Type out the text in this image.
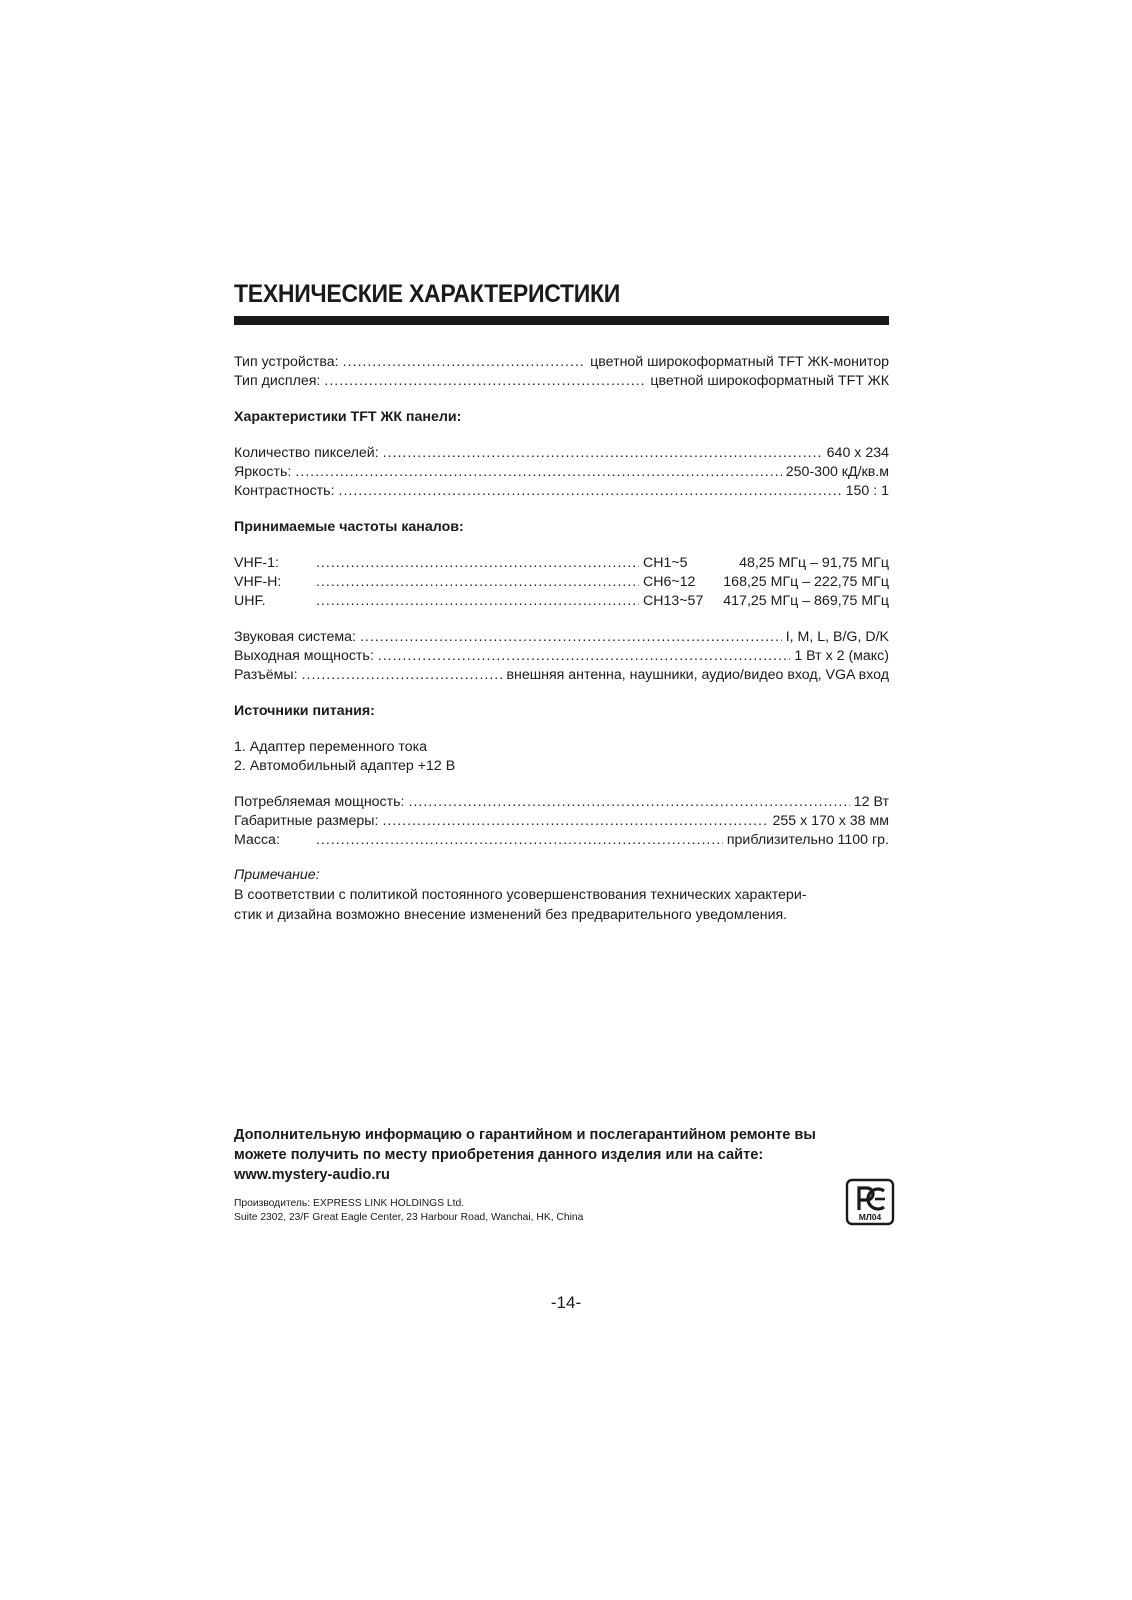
ТЕХНИЧЕСКИЕ ХАРАКТЕРИСТИКИ
Тип устройства: .....	цветной широкоформатный TFT ЖК-монитор
Тип дисплея: .....	цветной широкоформатный TFT ЖК
Характеристики TFT ЖК панели:
Количество пикселей: .....	640 x 234
Яркость: .....	250-300 кД/кв.м
Контрастность: .....	150 : 1
Принимаемые частоты каналов:
VHF-1: .....	CH1~5	48,25 МГц – 91,75 МГц
VHF-H: .....	CH6~12	168,25 МГц – 222,75 МГц
UHF. .....	CH13~57	417,25 МГц – 869,75 МГц
Звуковая система: .....	I, M, L, B/G, D/K
Выходная мощность: .....	1 Вт x 2 (макс)
Разъёмы: .....	внешняя антенна, наушники, аудио/видео вход, VGA вход
Источники питания:
1. Адаптер переменного тока
2. Автомобильный адаптер +12 В
Потребляемая мощность: .....	12 Вт
Габаритные размеры: .....	255 x 170 x 38 мм
Масса: .....	приблизительно 1100 гр.
Примечание:
В соответствии с политикой постоянного усовершенствования технических характери-
стик и дизайна возможно внесение изменений без предварительного уведомления.
Дополнительную информацию о гарантийном и послегарантийном ремонте вы
можете получить по месту приобретения данного изделия или на сайте:
www.mystery-audio.ru
Производитель: EXPRESS LINK HOLDINGS Ltd.
Suite 2302, 23/F Great Eagle Center, 23 Harbour Road, Wanchai, HK, China	МЛ04
-14-
